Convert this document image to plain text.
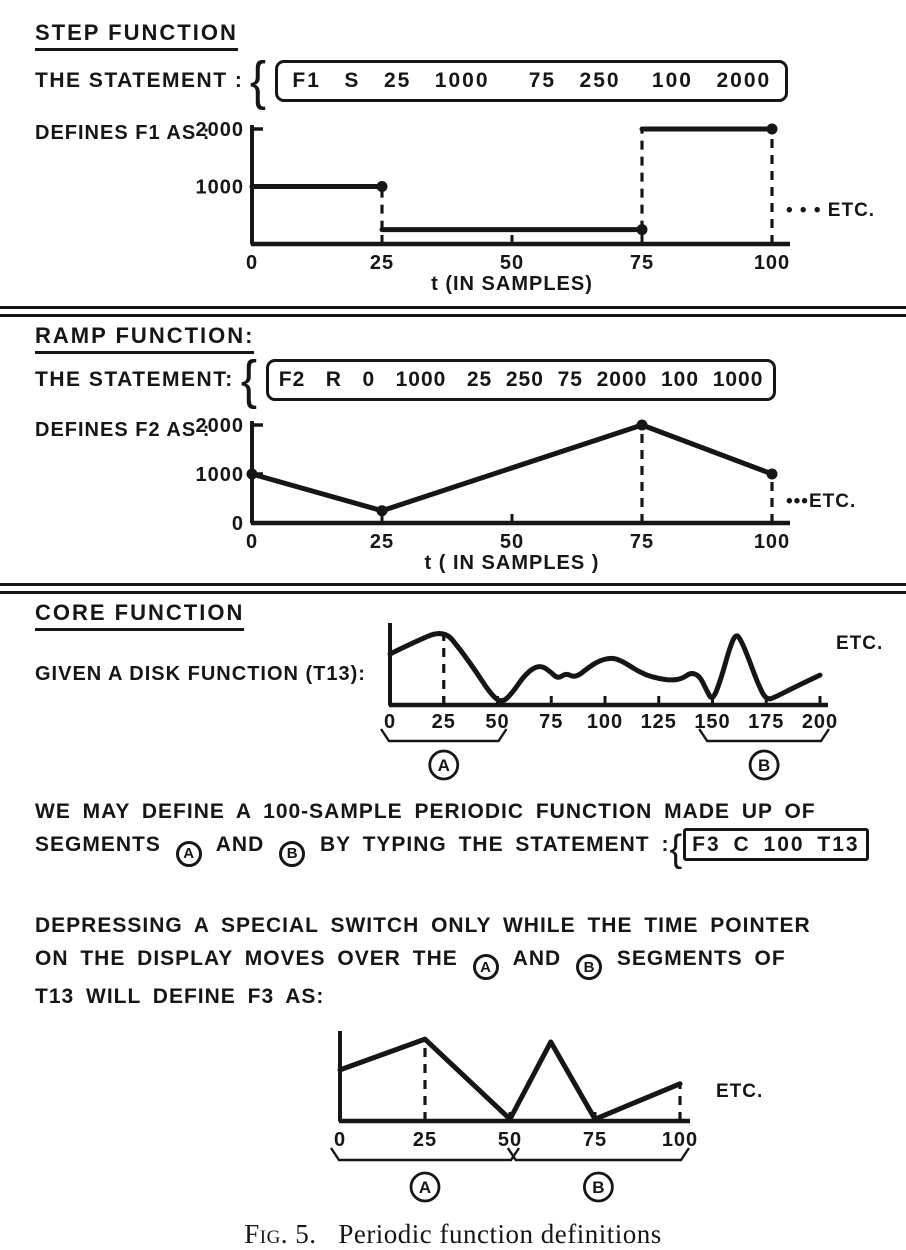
STEP FUNCTION
THE STATEMENT : {	F1   S   25   1000     75   250    100   2000
DEFINES F1 AS :
0	25	50	75	100
1000
2000
t (IN SAMPLES)
• • • ETC.
RAMP FUNCTION:
THE STATEMENT: {	F2   R   0   1000   25  250  75  2000  100  1000
DEFINES F2 AS :
0	25	50	75	100
0
1000
2000
t ( IN SAMPLES )
•••ETC.
CORE FUNCTION
GIVEN A DISK FUNCTION (T13):
0 25 50 75 100 125 150 175 200
A	B
ETC.
WE MAY DEFINE A 100-SAMPLE PERIODIC FUNCTION MADE UP OF
SEGMENTS A AND B BY TYPING THE STATEMENT :{ F3 C 100 T13
DEPRESSING A SPECIAL SWITCH ONLY WHILE THE TIME POINTER
ON THE DISPLAY MOVES OVER THE A AND B SEGMENTS OF
T13 WILL DEFINE F3 AS:
0	25	50	75	100
A	B
ETC.
Fig. 5. Periodic function definitions
